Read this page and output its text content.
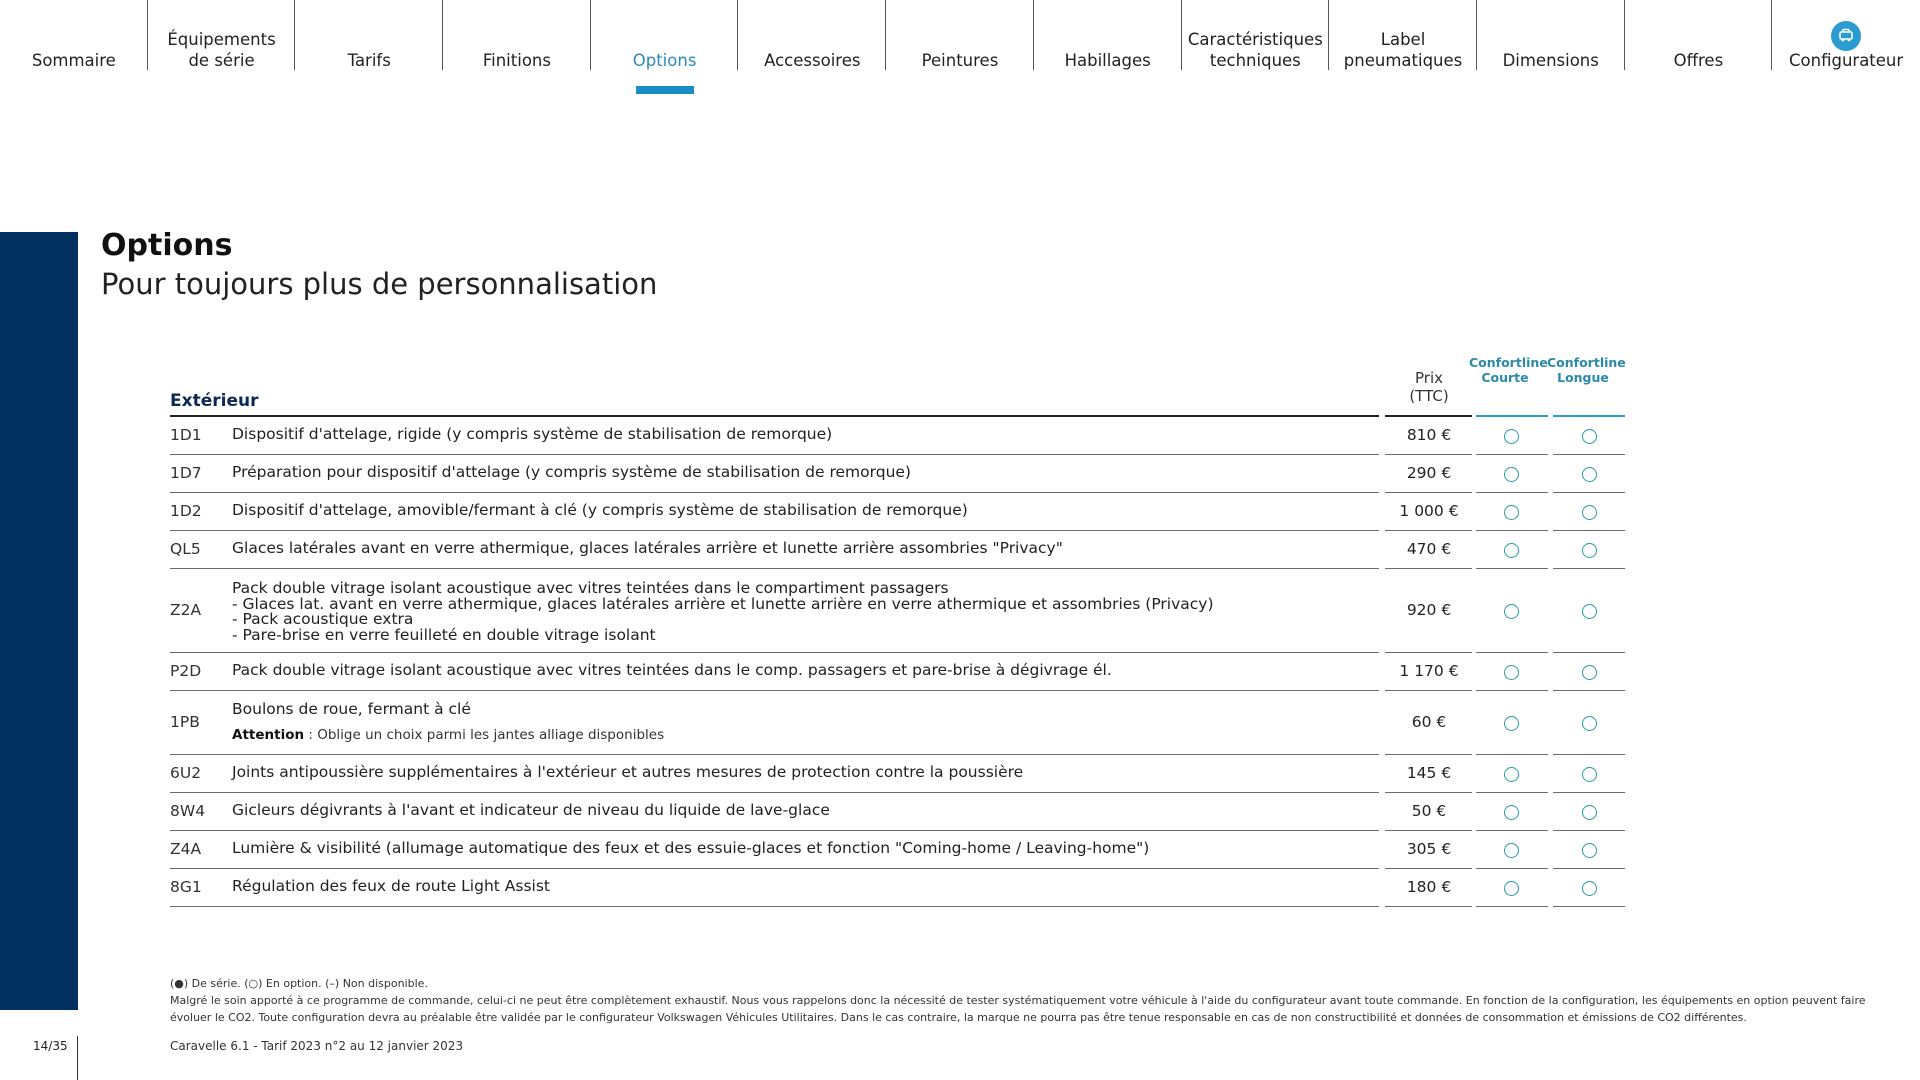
Sommaire
Équipements
de série	Tarifs	Finitions	Options	Accessoires	Peintures	Habillages
Caractéristiques
techniques
Label
pneumatiques	Dimensions	Offres	Configurateur
Options
Pour toujours plus de personnalisation
Prix (TTC)
Confortline
Courte
Confortline
Longue
Extérieur
1D1 Dispositif d'attelage, rigide (y compris système de stabilisation de remorque)	810 €
1D7 Préparation pour dispositif d'attelage (y compris système de stabilisation de remorque)	290 €
1D2 Dispositif d'attelage, amovible/fermant à clé (y compris système de stabilisation de remorque)	1 000 €
QL5 Glaces latérales avant en verre athermique, glaces latérales arrière et lunette arrière assombries "Privacy"	470 €
Z2A
Pack double vitrage isolant acoustique avec vitres teintées dans le compartiment passagers
- Glaces lat. avant en verre athermique, glaces latérales arrière et lunette arrière en verre athermique et assombries (Privacy)
- Pack acoustique extra
- Pare-brise en verre feuilleté en double vitrage isolant
920 €
P2D Pack double vitrage isolant acoustique avec vitres teintées dans le comp. passagers et pare-brise à dégivrage él.	1 170 €
1PB
Boulons de roue, fermant à clé
Attention : Oblige un choix parmi les jantes alliage disponibles
60 €
6U2 Joints antipoussière supplémentaires à l'extérieur et autres mesures de protection contre la poussière	145 €
8W4 Gicleurs dégivrants à l'avant et indicateur de niveau du liquide de lave-glace	50 €
Z4A Lumière & visibilité (allumage automatique des feux et des essuie-glaces et fonction "Coming-home / Leaving-home")	305 €
8G1 Régulation des feux de route Light Assist	180 €
(●) De série. (○) En option. (–) Non disponible.
Malgré le soin apporté à ce programme de commande, celui-ci ne peut être complètement exhaustif. Nous vous rappelons donc la nécessité de tester systématiquement votre véhicule à l'aide du configurateur avant toute commande. En fonction de la configuration, les équipements en option peuvent faire évoluer le CO2. Toute configuration devra au préalable être validée par le configurateur Volkswagen Véhicules Utilitaires. Dans le cas contraire, la marque ne pourra pas être tenue responsable en cas de non constructibilité et données de consommation et émissions de CO2 différentes.
14/35	Caravelle 6.1 - Tarif 2023 n°2 au 12 janvier 2023
